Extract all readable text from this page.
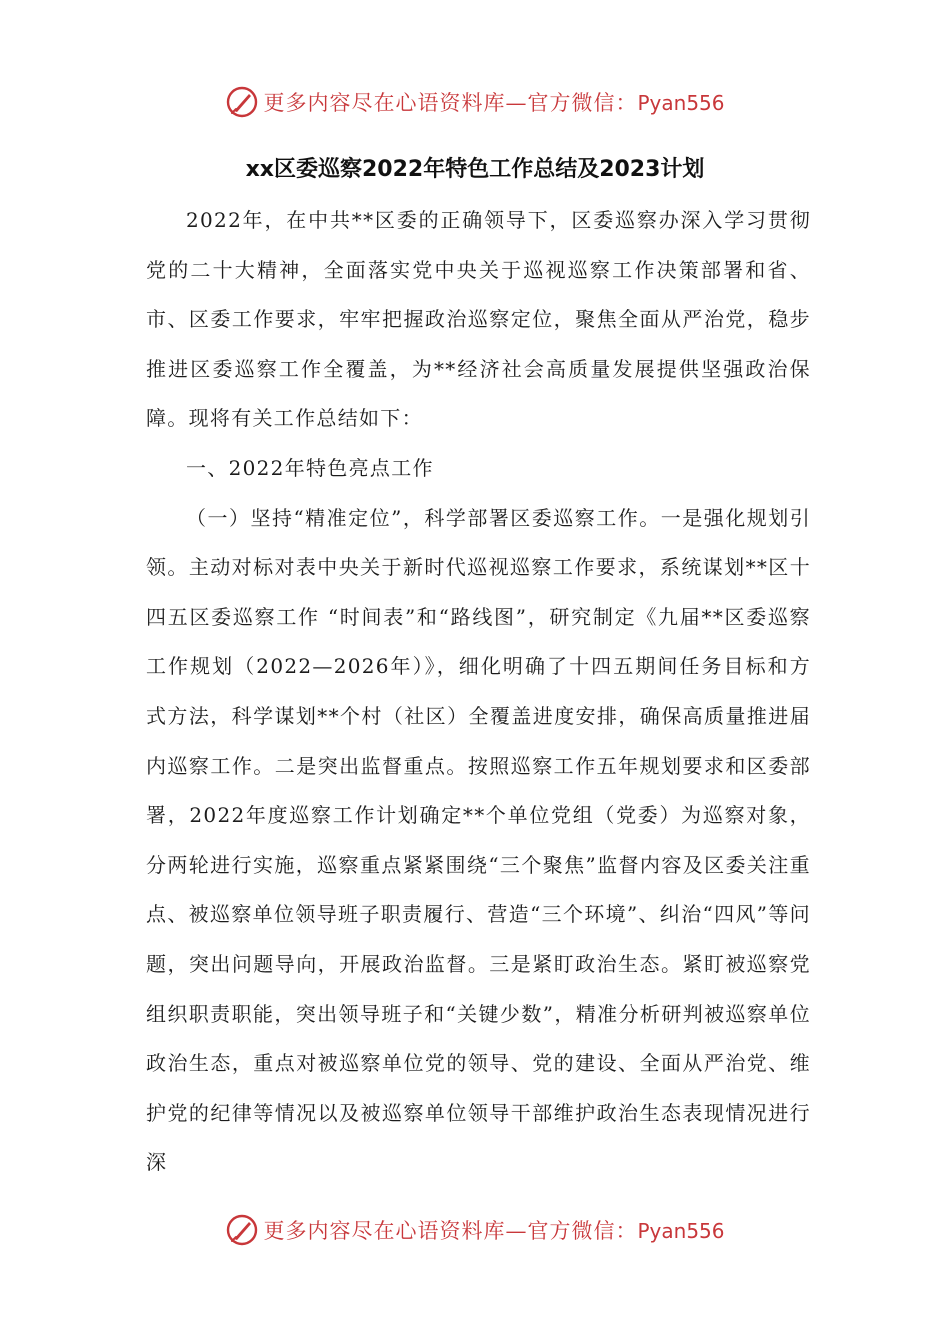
更多内容尽在心语资料库—官方微信：Pyan556
xx区委巡察2022年特色工作总结及2023计划

2022年，在中共**区委的正确领导下，区委巡察办深入学习贯彻党的二十大精神，全面落实党中央关于巡视巡察工作决策部署和省、市、区委工作要求，牢牢把握政治巡察定位，聚焦全面从严治党，稳步推进区委巡察工作全覆盖，为**经济社会高质量发展提供坚强政治保障。现将有关工作总结如下：

一、2022年特色亮点工作

（一）坚持“精准定位”，科学部署区委巡察工作。一是强化规划引领。主动对标对表中央关于新时代巡视巡察工作要求，系统谋划**区十四五区委巡察工作 “时间表”和“路线图”，研究制定《九届**区委巡察工作规划（2022—2026年）》，细化明确了十四五期间任务目标和方式方法，科学谋划**个村（社区）全覆盖进度安排，确保高质量推进届内巡察工作。二是突出监督重点。按照巡察工作五年规划要求和区委部署，2022年度巡察工作计划确定**个单位党组（党委）为巡察对象，分两轮进行实施，巡察重点紧紧围绕“三个聚焦”监督内容及区委关注重点、被巡察单位领导班子职责履行、营造“三个环境”、纠治“四风”等问题，突出问题导向，开展政治监督。三是紧盯政治生态。紧盯被巡察党组织职责职能，突出领导班子和“关键少数”，精准分析研判被巡察单位政治生态，重点对被巡察单位党的领导、党的建设、全面从严治党、维护党的纪律等情况以及被巡察单位领导干部维护政治生态表现情况进行深

更多内容尽在心语资料库—官方微信：Pyan556
